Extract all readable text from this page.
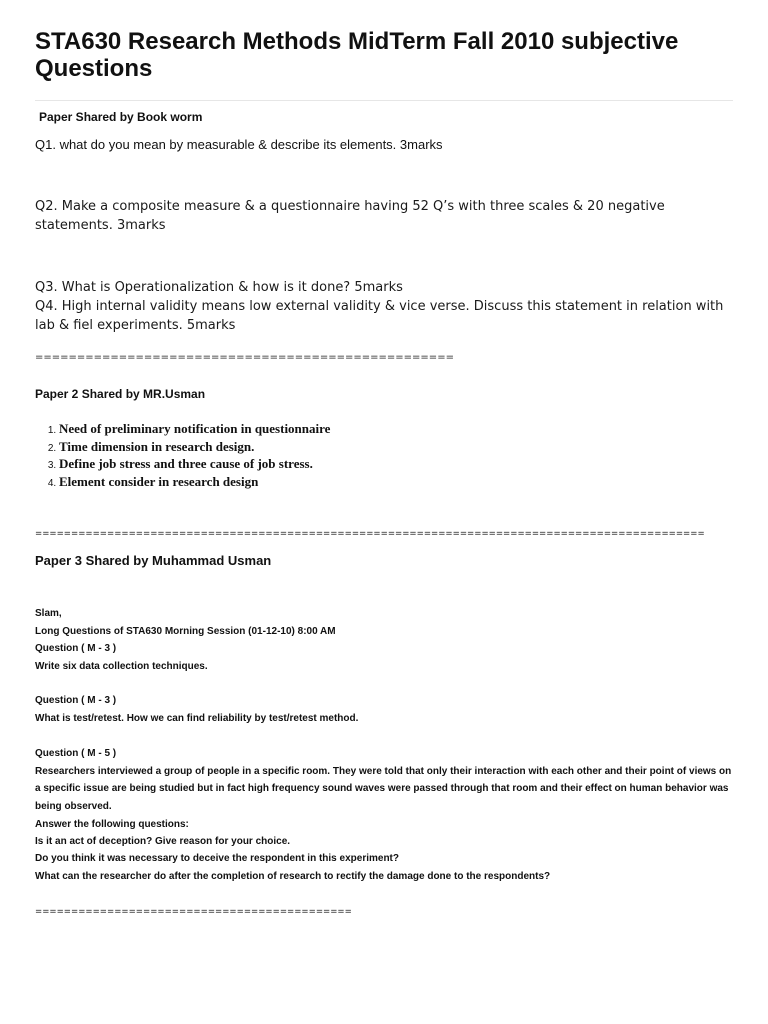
STA630 Research Methods MidTerm Fall 2010 subjective Questions
Paper Shared by Book worm
Q1. what do you mean by measurable & describe its elements. 3marks
Q2. Make a composite measure & a questionnaire having 52 Q’s with three scales & 20 negative statements. 3marks
Q3. What is Operationalization & how is it done? 5marks
Q4. High internal validity means low external validity & vice verse. Discuss this statement in relation with lab & fiel experiments. 5marks
==================================================
Paper 2 Shared by MR.Usman
1. Need of preliminary notification in questionnaire
2. Time dimension in research design.
3. Define job stress and three cause of job stress.
4. Element consider in research design
=============================================================================================
Paper 3 Shared by Muhammad Usman
Slam,
Long Questions of STA630 Morning Session (01-12-10) 8:00 AM
Question ( M - 3 )
Write six data collection techniques.
Question ( M - 3 )
What is test/retest. How we can find reliability by test/retest method.
Question ( M - 5 )
Researchers interviewed a group of people in a specific room. They were told that only their interaction with each other and their point of views on a specific issue are being studied but in fact high frequency sound waves were passed through that room and their effect on human behavior was being observed.
Answer the following questions:
Is it an act of deception? Give reason for your choice.
Do you think it was necessary to deceive the respondent in this experiment?
What can the researcher do after the completion of research to rectify the damage done to the respondents?
============================================
